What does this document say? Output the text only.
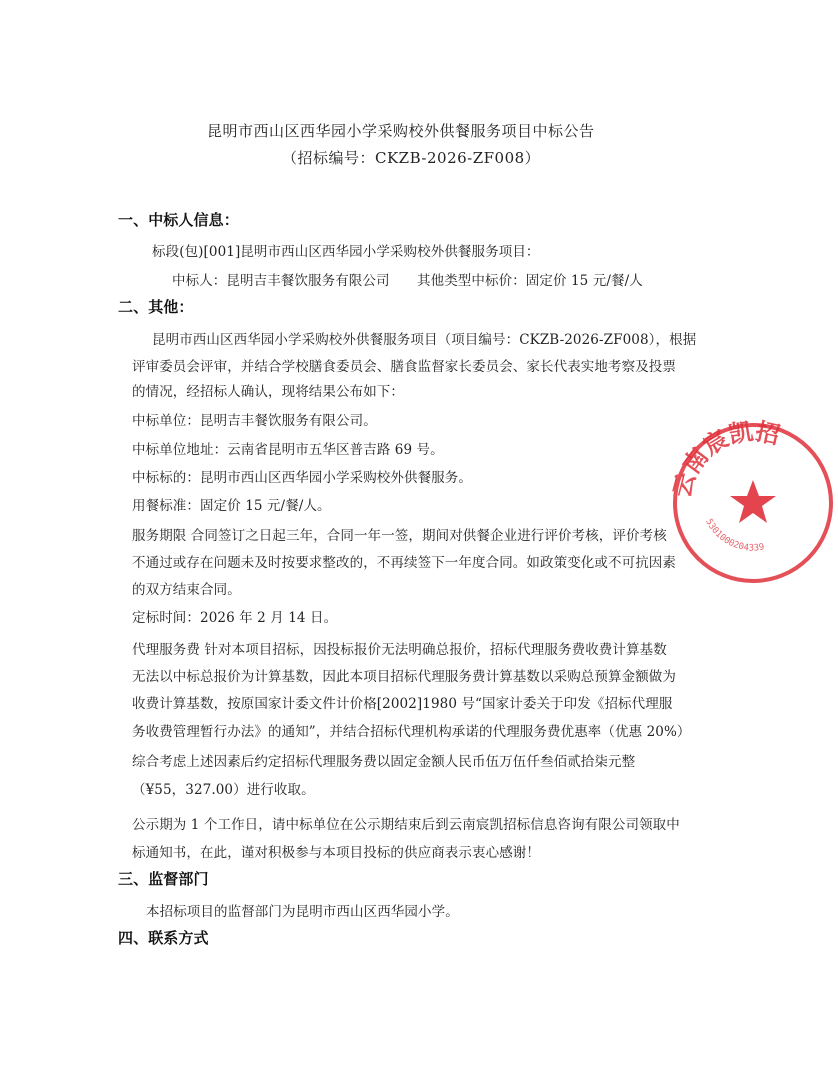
昆明市西山区西华园小学采购校外供餐服务项目中标公告
（招标编号：CKZB-2026-ZF008）
一、中标人信息：
标段(包)[001]昆明市西山区西华园小学采购校外供餐服务项目：
中标人：昆明吉丰餐饮服务有限公司 其他类型中标价：固定价 15 元/餐/人
二、其他：
昆明市西山区西华园小学采购校外供餐服务项目（项目编号：CKZB-2026-ZF008），根据
评审委员会评审，并结合学校膳食委员会、膳食监督家长委员会、家长代表实地考察及投票
的情况，经招标人确认，现将结果公布如下：
中标单位：昆明吉丰餐饮服务有限公司。
中标单位地址：云南省昆明市五华区普吉路 69 号。
中标标的：昆明市西山区西华园小学采购校外供餐服务。
用餐标准：固定价 15 元/餐/人。
服务期限 合同签订之日起三年，合同一年一签，期间对供餐企业进行评价考核，评价考核
不通过或存在问题未及时按要求整改的，不再续签下一年度合同。如政策变化或不可抗因素
的双方结束合同。
定标时间：2026 年 2 月 14 日。
代理服务费 针对本项目招标，因投标报价无法明确总报价，招标代理服务费收费计算基数
无法以中标总报价为计算基数，因此本项目招标代理服务费计算基数以采购总预算金额做为
收费计算基数，按原国家计委文件计价格[2002]1980 号“国家计委关于印发《招标代理服
务收费管理暂行办法》的通知”，并结合招标代理机构承诺的代理服务费优惠率（优惠 20%）
综合考虑上述因素后约定招标代理服务费以固定金额人民币伍万伍仟叁佰贰拾柒元整
（¥55，327.00）进行收取。
公示期为 1 个工作日，请中标单位在公示期结束后到云南宸凯招标信息咨询有限公司领取中
标通知书，在此，谨对积极参与本项目投标的供应商表示衷心感谢！
三、监督部门
本招标项目的监督部门为昆明市西山区西华园小学。
四、联系方式
云南宸凯招
5301000204339
